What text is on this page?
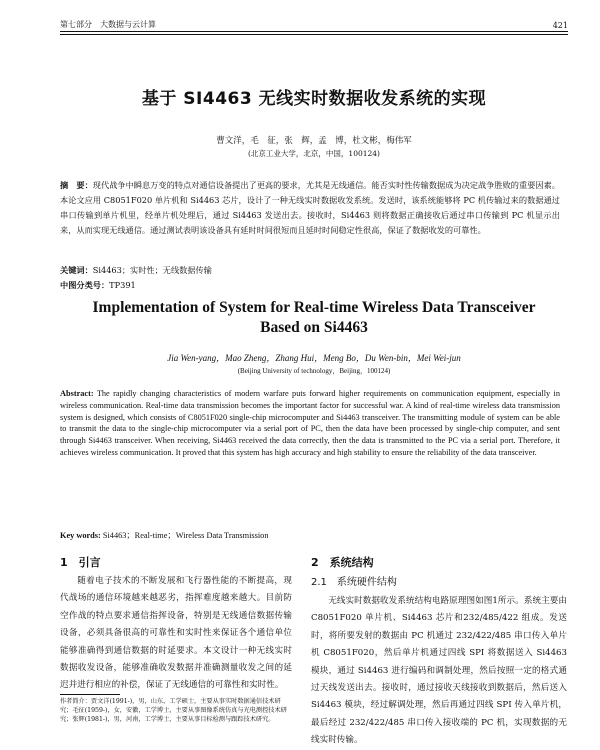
第七部分　大数据与云计算	421
基于 SI4463 无线实时数据收发系统的实现
曹文洋，毛　征，张　辉，孟　博，杜文彬，梅伟军
(北京工业大学，北京，中国，100124)
摘　要：现代战争中瞬息万变的特点对通信设备提出了更高的要求，尤其是无线通信。能否实时性传输数据成为决定战争胜败的重要因素。本论文应用 C8051F020 单片机和 Si4463 芯片，设计了一种无线实时数据收发系统。发送时，该系统能够将 PC 机传输过来的数据通过串口传输到单片机里，经单片机处理后，通过 Si4463 发送出去。接收时，Si4463 则将数据正确接收后通过串口传输到 PC 机显示出来，从而实现无线通信。通过测试表明该设备具有延时时间很短而且延时时间稳定性很高，保证了数据收发的可靠性。
关键词：Si4463；实时性；无线数据传输
中图分类号：TP391
Implementation of System for Real-time Wireless Data Transceiver
Based on Si4463
Jia Wen-yang，Mao Zheng，Zhang Hui，Meng Bo，Du Wen-bin，Mei Wei-jun
(Beijing University of technology，Beijing，100124)
Abstract: The rapidly changing characteristics of modern warfare puts forward higher requirements on communication equipment, especially in wireless communication. Real-time data transmission becomes the important factor for successful war. A kind of real-time wireless data transmission system is designed, which consists of C8051F020 single-chip microcomputer and Si4463 transceiver. The transmitting module of system can be able to transmit the data to the single-chip microcomputer via a serial port of PC, then the data have been processed by single-chip computer, and sent through Si4463 transceiver. When receiving, Si4463 received the data correctly, then the data is transmitted to the PC via a serial port. Therefore, it achieves wireless communication. It proved that this system has high accuracy and high stability to ensure the reliability of the data transceiver.
Key words: Si4463；Real-time；Wireless Data Transmission

1　引言

随着电子技术的不断发展和飞行器性能的不断提高，现代战场的通信环境越来越恶劣，指挥难度越来越大。目前防空作战的特点要求通信指挥设备，特别是无线通信数据传输设备，必须具备很高的可靠性和实时性来保证各个通信单位能够准确得到通信数据的时延要求。本文设计一种无线实时数据收发设备，能够准确收发数据并准确测量收发之间的延迟并进行相应的补偿，保证了无线通信的可靠性和实时性。

2　系统结构

2.1　系统硬件结构

无线实时数据收发系统结构电路原理图如图1所示。系统主要由 C8051F020 单片机、Si4463 芯片和232/485/422 组成。发送时，将所要发射的数据由 PC 机通过 232/422/485 串口传入单片机 C8051F020，然后单片机通过四线 SPI 将数据送入 Si4463 模块，通过 Si4463 进行编码和调制处理，然后按照一定的格式通过天线发送出去。接收时，通过接收天线接收到数据后，然后送入 Si4463 模块，经过解调处理，然后再通过四线 SPI 传入单片机，最后经过 232/422/485 串口传入接收端的 PC 机，实现数据的无线实时传输。

作者简介：贾文洋(1991-)，男，山东，工学硕士，主要从事实时数据通信技术研究；毛征(1959-)，女，安徽，工学博士，主要从事图像系统仿真与光电测控技术研究；张辉(1981-)，男，河南，工学博士，主要从事目标检测与跟踪技术研究。
